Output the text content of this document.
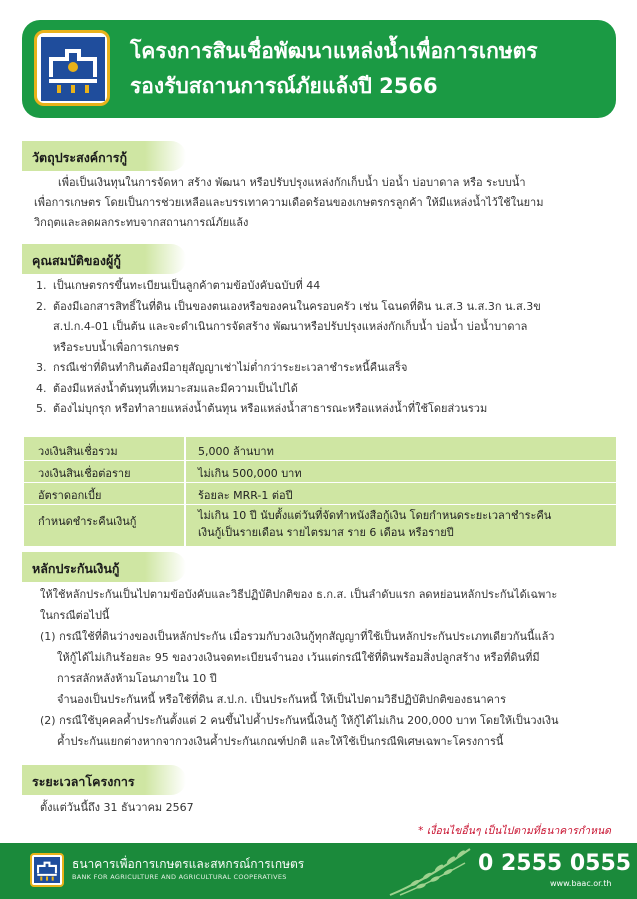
โครงการสินเชื่อพัฒนาแหล่งน้ำเพื่อการเกษตร
รองรับสถานการณ์ภัยแล้งปี 2566
วัตถุประสงค์การกู้
เพื่อเป็นเงินทุนในการจัดหา สร้าง พัฒนา หรือปรับปรุงแหล่งกักเก็บน้ำ บ่อน้ำ บ่อบาดาล หรือ ระบบน้ำ
เพื่อการเกษตร โดยเป็นการช่วยเหลือและบรรเทาความเดือดร้อนของเกษตรกรลูกค้า ให้มีแหล่งน้ำไว้ใช้ในยาม
วิกฤตและลดผลกระทบจากสถานการณ์ภัยแล้ง
คุณสมบัติของผู้กู้
1. เป็นเกษตรกรขึ้นทะเบียนเป็นลูกค้าตามข้อบังคับฉบับที่ 44
2. ต้องมีเอกสารสิทธิ์ในที่ดิน เป็นของตนเองหรือของคนในครอบครัว เช่น โฉนดที่ดิน น.ส.3 น.ส.3ก น.ส.3ข
ส.ป.ก.4-01 เป็นต้น และจะดำเนินการจัดสร้าง พัฒนาหรือปรับปรุงแหล่งกักเก็บน้ำ บ่อน้ำ บ่อน้ำบาดาล
หรือระบบน้ำเพื่อการเกษตร
3. กรณีเช่าที่ดินทำกินต้องมีอายุสัญญาเช่าไม่ต่ำกว่าระยะเวลาชำระหนี้คืนเสร็จ
4. ต้องมีแหล่งน้ำต้นทุนที่เหมาะสมและมีความเป็นไปได้
5. ต้องไม่บุกรุก หรือทำลายแหล่งน้ำต้นทุน หรือแหล่งน้ำสาธารณะหรือแหล่งน้ำที่ใช้โดยส่วนรวม
วงเงินสินเชื่อรวม	5,000 ล้านบาท
วงเงินสินเชื่อต่อราย	ไม่เกิน 500,000 บาท
อัตราดอกเบี้ย	ร้อยละ MRR-1 ต่อปี
กำหนดชำระคืนเงินกู้	ไม่เกิน 10 ปี นับตั้งแต่วันที่จัดทำหนังสือกู้เงิน โดยกำหนดระยะเวลาชำระคืน
เงินกู้เป็นรายเดือน รายไตรมาส ราย 6 เดือน หรือรายปี
หลักประกันเงินกู้
ให้ใช้หลักประกันเป็นไปตามข้อบังคับและวิธีปฏิบัติปกติของ ธ.ก.ส. เป็นลำดับแรก ลดหย่อนหลักประกันได้เฉพาะ
ในกรณีต่อไปนี้
(1) กรณีใช้ที่ดินว่างของเป็นหลักประกัน เมื่อรวมกับวงเงินกู้ทุกสัญญาที่ใช้เป็นหลักประกันประเภทเดียวกันนี้แล้ว
ให้กู้ได้ไม่เกินร้อยละ 95 ของวงเงินจดทะเบียนจำนอง เว้นแต่กรณีใช้ที่ดินพร้อมสิ่งปลูกสร้าง หรือที่ดินที่มี
การสลักหลังห้ามโอนภายใน 10 ปี
จำนองเป็นประกันหนี้ หรือใช้ที่ดิน ส.ป.ก. เป็นประกันหนี้ ให้เป็นไปตามวิธีปฏิบัติปกติของธนาคาร
(2) กรณีใช้บุคคลค้ำประกันตั้งแต่ 2 คนขึ้นไปค้ำประกันหนี้เงินกู้ ให้กู้ได้ไม่เกิน 200,000 บาท โดยให้เป็นวงเงิน
ค้ำประกันแยกต่างหากจากวงเงินค้ำประกันเกณฑ์ปกติ และให้ใช้เป็นกรณีพิเศษเฉพาะโครงการนี้
ระยะเวลาโครงการ
ตั้งแต่วันนี้ถึง 31 ธันวาคม 2567
* เงื่อนไขอื่นๆ เป็นไปตามที่ธนาคารกำหนด
ธนาคารเพื่อการเกษตรและสหกรณ์การเกษตร
BANK FOR AGRICULTURE AND AGRICULTURAL COOPERATIVES
0 2555 0555
www.baac.or.th
